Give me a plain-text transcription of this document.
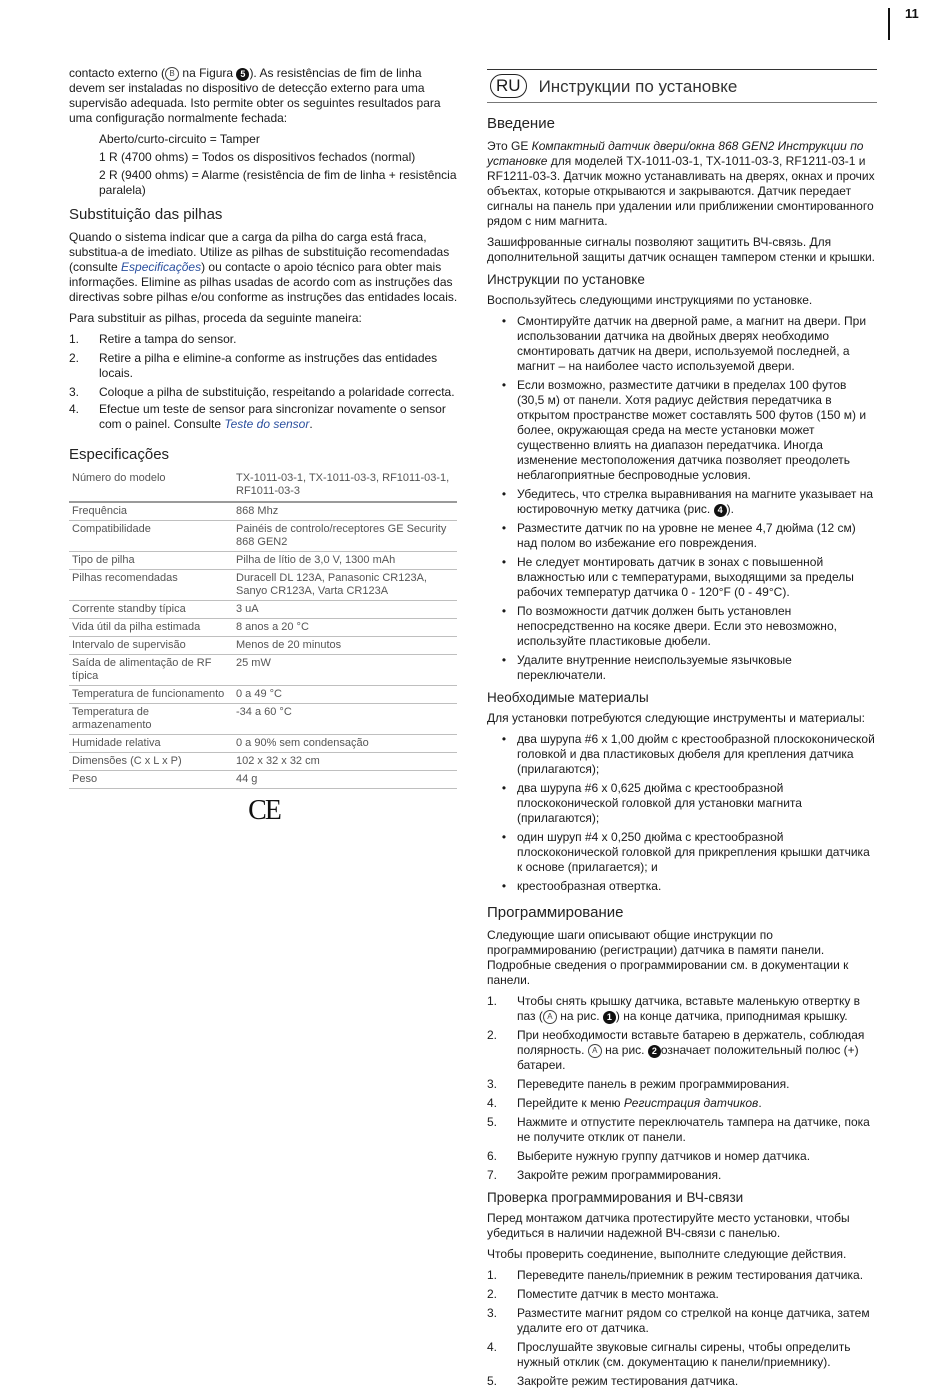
11

contacto externo ( B na Figura 5 ). As resistências de fim de linha devem ser instaladas no dispositivo de detecção externo para uma supervisão adequada. Isto permite obter os seguintes resultados para uma configuração normalmente fechada:

Aberto/curto-circuito = Tamper
1 R (4700 ohms) = Todos os dispositivos fechados (normal)
2 R (9400 ohms) = Alarme (resistência de fim de linha + resistência paralela)
Substituição das pilhas

Quando o sistema indicar que a carga da pilha do carga está fraca, substitua-a de imediato. Utilize as pilhas de substituição recomendadas (consulte Especificações) ou contacte o apoio técnico para obter mais informações. Elimine as pilhas usadas de acordo com as instruções das directivas sobre pilhas e/ou conforme as instruções das entidades locais.

Para substituir as pilhas, proceda da seguinte maneira:

1.	Retire a tampa do sensor.
2.	Retire a pilha e elimine-a conforme as instruções das entidades locais.
3.	Coloque a pilha de substituição, respeitando a polaridade correcta.
4.	Efectue um teste de sensor para sincronizar novamente o sensor com o painel. Consulte Teste do sensor.
Especificações
Número do modelo	TX-1011-03-1, TX-1011-03-3, RF1011-03-1, RF1011-03-3
Frequência	868 Mhz
Compatibilidade	Painéis de controlo/receptores GE Security 868 GEN2
Tipo de pilha	Pilha de lítio de 3,0 V, 1300 mAh
Pilhas recomendadas	Duracell DL 123A, Panasonic CR123A, Sanyo CR123A, Varta CR123A
Corrente standby típica	3 uA
Vida útil da pilha estimada	8 anos a 20 °C
Intervalo de supervisão	Menos de 20 minutos
Saída de alimentação de RF típica	25 mW
Temperatura de funcionamento	0 a 49 °C
Temperatura de armazenamento	-34 a 60 °C
Humidade relativa	0 a 90% sem condensação
Dimensões (C x L x P)	102 x 32 x 32 cm
Peso	44 g
CE
RU	Инструкции по установке
Введение

Это GE Компактный датчик двери/окна 868 GEN2 Инструкции по установке для моделей TX-1011-03-1, TX-1011-03-3, RF1211-03-1 и RF1211-03-3. Датчик можно устанавливать на дверях, окнах и прочих объектах, которые открываются и закрываются. Датчик передает сигналы на панель при удалении или приближении смонтированного рядом с ним магнита.

Зашифрованные сигналы позволяют защитить ВЧ-связь. Для дополнительной защиты датчик оснащен тампером стенки и крышки.

Инструкции по установке

Воспользуйтесь следующими инструкциями по установке.

• Смонтируйте датчик на дверной раме, а магнит на двери. При использовании датчика на двойных дверях необходимо смонтировать датчик на двери, используемой последней, а магнит – на наиболее часто используемой двери.
• Если возможно, разместите датчики в пределах 100 футов (30,5 м) от панели. Хотя радиус действия передатчика в открытом пространстве может составлять 500 футов (150 м) и более, окружающая среда на месте установки может существенно влиять на диапазон передатчика. Иногда изменение местоположения датчика позволяет преодолеть неблагоприятные беспроводные условия.
• Убедитесь, что стрелка выравнивания на магните указывает на юстировочную метку датчика (рис. 4 ).
• Разместите датчик по на уровне не менее 4,7 дюйма (12 см) над полом во избежание его повреждения.
• Не следует монтировать датчик в зонах с повышенной влажностью или с температурами, выходящими за пределы рабочих температур датчика 0 - 120°F (0 - 49°C).
• По возможности датчик должен быть установлен непосредственно на косяке двери. Если это невозможно, используйте пластиковые дюбели.
• Удалите внутренние неиспользуемые язычковые переключатели.
Необходимые материалы

Для установки потребуются следующие инструменты и материалы:

• два шурупа #6 x 1,00 дюйм с крестообразной плоскоконической головкой и два пластиковых дюбеля для крепления датчика (прилагаются);
• два шурупа #6 x 0,625 дюйма с крестообразной плоскоконической головкой для установки магнита (прилагаются);
• один шуруп #4 x 0,250 дюйма с крестообразной плоскоконической головкой для прикрепления крышки датчика к основе (прилагается); и
• крестообразная отвертка.
Программирование

Следующие шаги описывают общие инструкции по программированию (регистрации) датчика в памяти панели. Подробные сведения о программировании см. в документации к панели.

1.	Чтобы снять крышку датчика, вставьте маленькую отвертку в паз ( A на рис. 1 ) на конце датчика, приподнимая крышку.
2.	При необходимости вставьте батарею в держатель, соблюдая полярность. A на рис. 2 означает положительный полюс (+) батареи.
3.	Переведите панель в режим программирования.
4.	Перейдите к меню Регистрация датчиков.
5.	Нажмите и отпустите переключатель тампера на датчике, пока не получите отклик от панели.
6.	Выберите нужную группу датчиков и номер датчика.
7.	Закройте режим программирования.
Проверка программирования и ВЧ-связи

Перед монтажом датчика протестируйте место установки, чтобы убедиться в наличии надежной ВЧ-связи с панелью.

Чтобы проверить соединение, выполните следующие действия.

1.	Переведите панель/приемник в режим тестирования датчика.
2.	Поместите датчик в место монтажа.
3.	Разместите магнит рядом со стрелкой на конце датчика, затем удалите его от датчика.
4.	Прослушайте звуковые сигналы сирены, чтобы определить нужный отклик (см. документацию к панели/приемнику).
5.	Закройте режим тестирования датчика.
